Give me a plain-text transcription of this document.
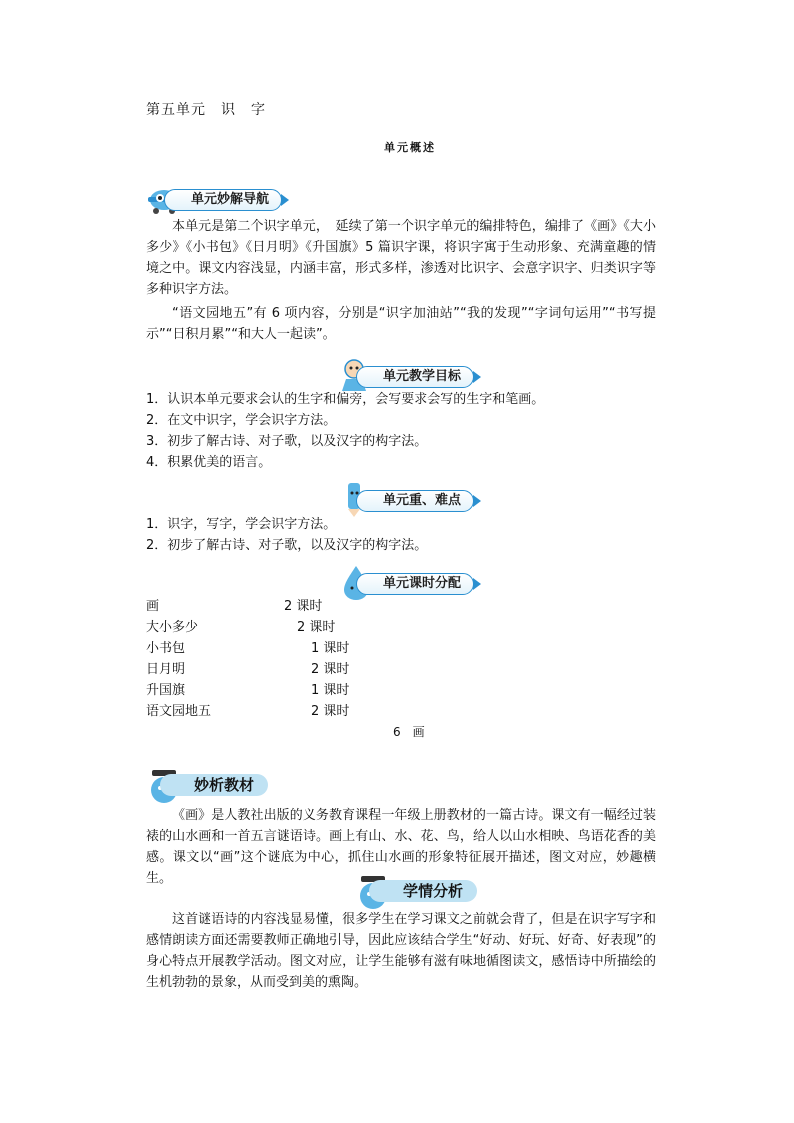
第五单元　识　字
单元概述
单元妙解导航

本单元是第二个识字单元，　延续了第一个识字单元的编排特色，编排了《画》《大小多少》《小书包》《日月明》《升国旗》5 篇识字课，将识字寓于生动形象、充满童趣的情境之中。课文内容浅显，内涵丰富，形式多样，渗透对比识字、会意字识字、归类识字等多种识字方法。

“语文园地五”有 6 项内容，分别是“识字加油站”“我的发现”“字词句运用”“书写提示”“日积月累”“和大人一起读”。

单元教学目标
1．认识本单元要求会认的生字和偏旁，会写要求会写的生字和笔画。
2．在文中识字，学会识字方法。
3．初步了解古诗、对子歌，以及汉字的构字法。
4．积累优美的语言。
单元重、难点
1．识字，写字，学会识字方法。
2．初步了解古诗、对子歌，以及汉字的构字法。
单元课时分配
画	2 课时
大小多少	2 课时
小书包	1 课时
日月明	2 课时
升国旗	1 课时
语文园地五	2 课时
6　画
妙析教材

《画》是人教社出版的义务教育课程一年级上册教材的一篇古诗。课文有一幅经过装裱的山水画和一首五言谜语诗。画上有山、水、花、鸟，给人以山水相映、鸟语花香的美感。课文以“画”这个谜底为中心，抓住山水画的形象特征展开描述，图文对应，妙趣横生。

学情分析

这首谜语诗的内容浅显易懂，很多学生在学习课文之前就会背了，但是在识字写字和感情朗读方面还需要教师正确地引导，因此应该结合学生“好动、好玩、好奇、好表现”的身心特点开展教学活动。图文对应，让学生能够有滋有味地循图读文，感悟诗中所描绘的生机勃勃的景象，从而受到美的熏陶。
